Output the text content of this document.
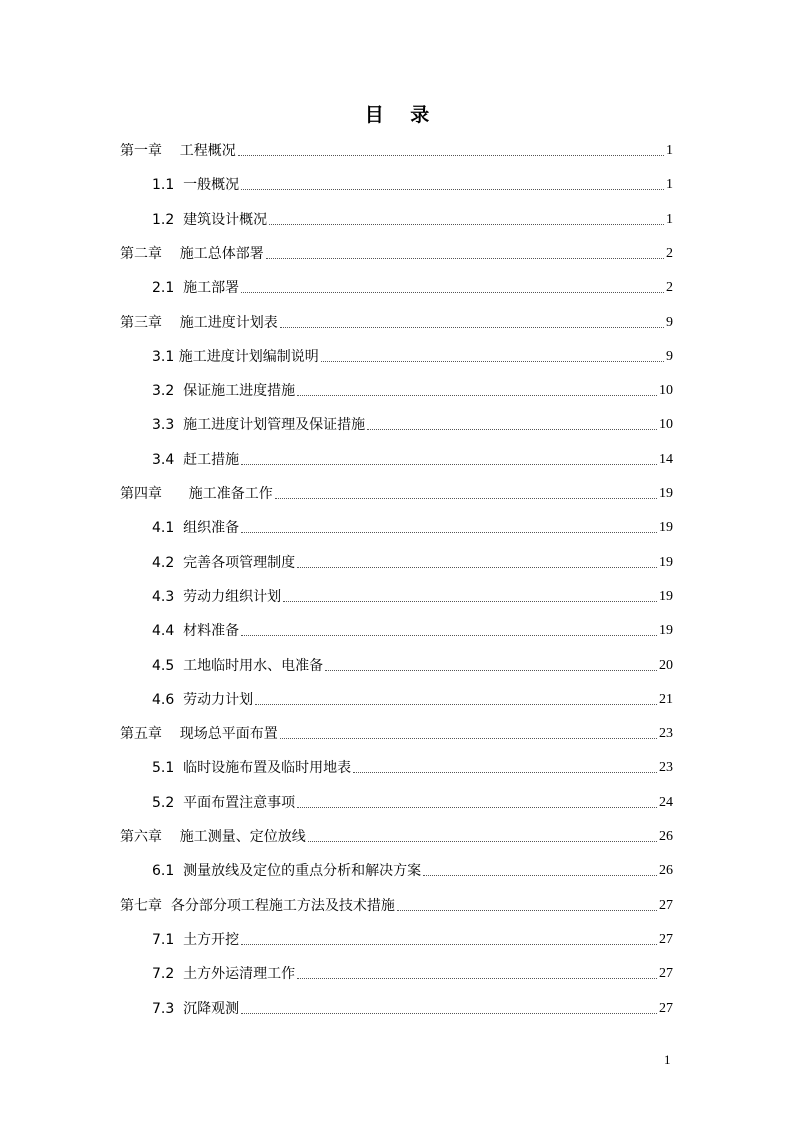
目    录
第一章    工程概况	1
1.1  一般概况	1
1.2  建筑设计概况	1
第二章    施工总体部署	2
2.1  施工部署	2
第三章    施工进度计划表	9
3.1 施工进度计划编制说明	9
3.2  保证施工进度措施	10
3.3  施工进度计划管理及保证措施	10
3.4  赶工措施	14
第四章      施工准备工作	19
4.1  组织准备	19
4.2  完善各项管理制度	19
4.3  劳动力组织计划	19
4.4  材料准备	19
4.5  工地临时用水、电准备	20
4.6  劳动力计划	21
第五章    现场总平面布置	23
5.1  临时设施布置及临时用地表	23
5.2  平面布置注意事项	24
第六章    施工测量、定位放线	26
6.1  测量放线及定位的重点分析和解决方案	26
第七章  各分部分项工程施工方法及技术措施	27
7.1  土方开挖	27
7.2  土方外运清理工作	27
7.3  沉降观测	27
1
